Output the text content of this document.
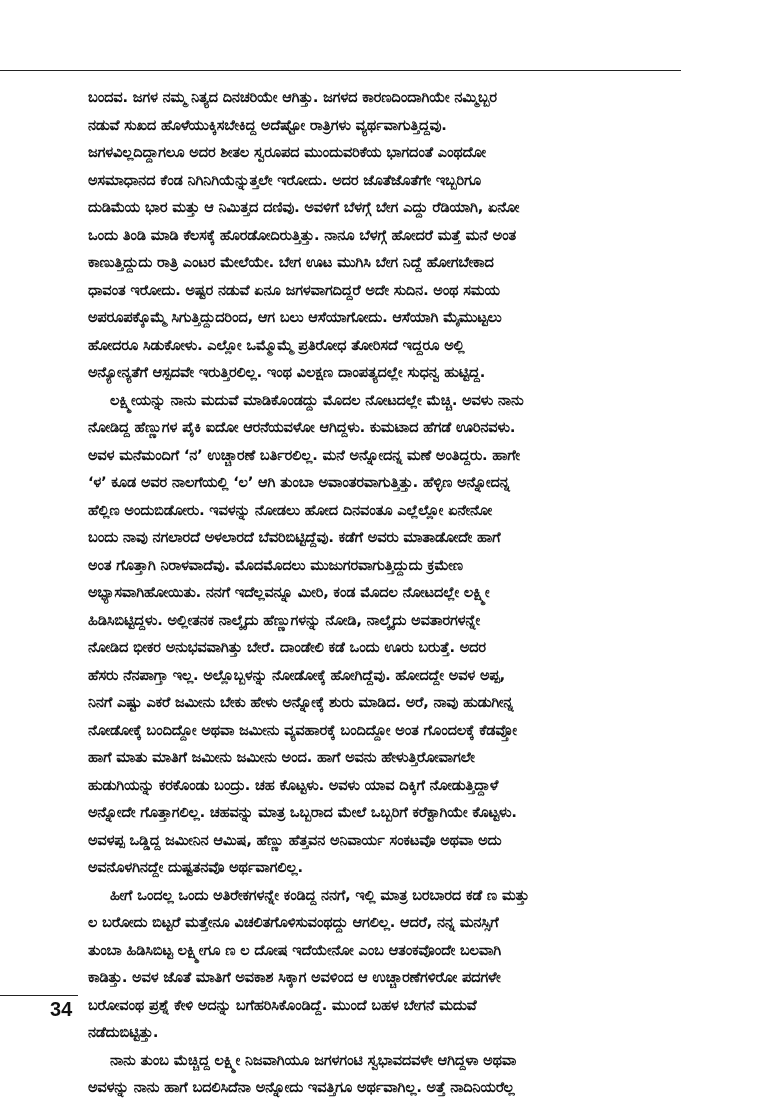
ಬಂದವ. ಜಗಳ ನಮ್ಮ ನಿತ್ಯದ ದಿನಚರಿಯೇ ಆಗಿತ್ತು. ಜಗಳದ ಕಾರಣದಿಂದಾಗಿಯೇ ನಮ್ಮಿಬ್ಬರ
ನಡುವೆ ಸುಖದ ಹೊಳೆಯುಕ್ಕಿಸಬೇಕಿದ್ದ ಅದೆಷ್ಟೋ ರಾತ್ರಿಗಳು ವ್ಯರ್ಥವಾಗುತ್ತಿದ್ದವು.
ಜಗಳವಿಲ್ಲದಿದ್ದಾಗಲೂ ಅದರ ಶೀತಲ ಸ್ವರೂಪದ ಮುಂದುವರಿಕೆಯ ಭಾಗದಂತೆ ಎಂಥದೋ
ಅಸಮಾಧಾನದ ಕೆಂಡ ನಿಗಿನಿಗಿಯೆನ್ನುತ್ತಲೇ ಇರೋದು. ಅದರ ಜೊತೆಜೊತೆಗೇ ಇಬ್ಬರಿಗೂ
ದುಡಿಮೆಯ ಭಾರ ಮತ್ತು ಆ ನಿಮಿತ್ತದ ದಣಿವು. ಅವಳಿಗೆ ಬೆಳಗ್ಗೆ ಬೇಗ ಎದ್ದು ರೆಡಿಯಾಗಿ, ಏನೋ
ಒಂದು ತಿಂಡಿ ಮಾಡಿ ಕೆಲಸಕ್ಕೆ ಹೊರಡೋದಿರುತ್ತಿತ್ತು. ನಾನೂ ಬೆಳಗ್ಗೆ ಹೋದರೆ ಮತ್ತೆ ಮನೆ ಅಂತ
ಕಾಣುತ್ತಿದ್ದುದು ರಾತ್ರಿ ಎಂಟರ ಮೇಲೆಯೇ. ಬೇಗ ಊಟ ಮುಗಿಸಿ ಬೇಗ ನಿದ್ದೆ ಹೋಗಬೇಕಾದ
ಧಾವಂತ ಇರೋದು. ಅಷ್ಟರ ನಡುವೆ ಏನೂ ಜಗಳವಾಗದಿದ್ದರೆ ಅದೇ ಸುದಿನ. ಅಂಥ ಸಮಯ
ಅಪರೂಪಕ್ಕೊಮ್ಮೆ ಸಿಗುತ್ತಿದ್ದುದರಿಂದ, ಆಗ ಬಲು ಆಸೆಯಾಗೋದು. ಆಸೆಯಾಗಿ ಮೈಮುಟ್ಟಲು
ಹೋದರೂ ಸಿಡುಕೋಳು. ಎಲ್ಲೋ ಒಮ್ಮೊಮ್ಮೆ ಪ್ರತಿರೋಧ ತೋರಿಸದೆ ಇದ್ದರೂ ಅಲ್ಲಿ
ಅನ್ಯೋನ್ಯತೆಗೆ ಆಸ್ಪದವೇ ಇರುತ್ತಿರಲಿಲ್ಲ. ಇಂಥ ವಿಲಕ್ಷಣ ದಾಂಪತ್ಯದಲ್ಲೇ ಸುಧನ್ವ ಹುಟ್ಟಿದ್ದ.
ಲಕ್ಷ್ಮೀಯನ್ನು ನಾನು ಮದುವೆ ಮಾಡಿಕೊಂಡದ್ದು ಮೊದಲ ನೋಟದಲ್ಲೇ ಮೆಚ್ಚಿ. ಅವಳು ನಾನು
ನೋಡಿದ್ದ ಹೆಣ್ಣುಗಳ ಪೈಕಿ ಐದೋ ಆರನೆಯವಳೋ ಆಗಿದ್ದಳು. ಕುಮಟಾದ ಹೆಗಡೆ ಊರಿನವಳು.
ಅವಳ ಮನೆಮಂದಿಗೆ ‘ನ’ ಉಚ್ಚಾರಣೆ ಬರ್ತಿರಲಿಲ್ಲ. ಮನೆ ಅನ್ನೋದನ್ನ ಮಣೆ ಅಂತಿದ್ದರು. ಹಾಗೇ
‘ಳ’ ಕೂಡ ಅವರ ನಾಲಗೆಯಲ್ಲಿ ‘ಲ’ ಆಗಿ ತುಂಬಾ ಅವಾಂತರವಾಗುತ್ತಿತ್ತು. ಹೆಳ್ಳಿಣ ಅನ್ನೋದನ್ನ
ಹೆಲ್ಲಿಣ ಅಂದುಬಿಡೋರು. ಇವಳನ್ನು ನೋಡಲು ಹೋದ ದಿನವಂತೂ ಎಲ್ಲೆಲ್ಲೋ ಏನೇನೋ
ಬಂದು ನಾವು ನಗಲಾರದೆ ಅಳಲಾರದೆ ಬೆವರಿಬಿಟ್ಟಿದ್ದೆವು. ಕಡೆಗೆ ಅವರು ಮಾತಾಡೋದೇ ಹಾಗೆ
ಅಂತ ಗೊತ್ತಾಗಿ ನಿರಾಳವಾದೆವು. ಮೊದಮೊದಲು ಮುಜುಗರವಾಗುತ್ತಿದ್ದುದು ಕ್ರಮೇಣ
ಅಭ್ಯಾಸವಾಗಿಹೋಯಿತು. ನನಗೆ ಇದೆಲ್ಲವನ್ನೂ ಮೀರಿ, ಕಂಡ ಮೊದಲ ನೋಟದಲ್ಲೇ ಲಕ್ಷ್ಮೀ
ಹಿಡಿಸಿಬಿಟ್ಟಿದ್ದಳು. ಅಲ್ಲೀತನಕ ನಾಲ್ಕೈದು ಹೆಣ್ಣುಗಳನ್ನು ನೋಡಿ, ನಾಲ್ಕೈದು ಅವತಾರಗಳನ್ನೇ
ನೋಡಿದ ಭೀಕರ ಅನುಭವವಾಗಿತ್ತು ಬೇರೆ. ದಾಂಡೇಲಿ ಕಡೆ ಒಂದು ಊರು ಬರುತ್ತೆ. ಅದರ
ಹೆಸರು ನೆನಪಾಗ್ತಾ ಇಲ್ಲ. ಅಲ್ಲೊಬ್ಬಳನ್ನು ನೋಡೋಕ್ಕೆ ಹೋಗಿದ್ದೆವು. ಹೋದದ್ದೇ ಅವಳ ಅಪ್ಪ,
ನಿನಗೆ ಎಷ್ಟು ಎಕರೆ ಜಮೀನು ಬೇಕು ಹೇಳು ಅನ್ನೋಕ್ಕೆ ಶುರು ಮಾಡಿದ. ಅರೆ, ನಾವು ಹುಡುಗೀನ್ನ
ನೋಡೋಕ್ಕೆ ಬಂದಿದ್ದೋ ಅಥವಾ ಜಮೀನು ವ್ಯವಹಾರಕ್ಕೆ ಬಂದಿದ್ದೋ ಅಂತ ಗೊಂದಲಕ್ಕೆ ಕೆಡವ್ತೋ
ಹಾಗೆ ಮಾತು ಮಾತಿಗೆ ಜಮೀನು ಜಮೀನು ಅಂದ. ಹಾಗೆ ಅವನು ಹೇಳುತ್ತಿರೋವಾಗಲೇ
ಹುಡುಗಿಯನ್ನು ಕರಕೊಂಡು ಬಂದ್ರು. ಚಹ ಕೊಟ್ಟಳು. ಅವಳು ಯಾವ ದಿಕ್ಕಿಗೆ ನೋಡುತ್ತಿದ್ದಾಳೆ
ಅನ್ನೋದೇ ಗೊತ್ತಾಗಲಿಲ್ಲ. ಚಹವನ್ನು ಮಾತ್ರ ಒಬ್ಬರಾದ ಮೇಲೆ ಒಬ್ಬರಿಗೆ ಕರೆಕ್ಟಾಗಿಯೇ ಕೊಟ್ಟಳು.
ಅವಳಪ್ಪ ಒಡ್ಡಿದ್ದ ಜಮೀನಿನ ಆಮಿಷ, ಹೆಣ್ಣು ಹೆತ್ತವನ ಅನಿವಾರ್ಯ ಸಂಕಟವೊ ಅಥವಾ ಅದು
ಅವನೊಳಗಿನದ್ದೇ ದುಷ್ಟತನವೊ ಅರ್ಥವಾಗಲಿಲ್ಲ.
ಹೀಗೆ ಒಂದಲ್ಲ ಒಂದು ಅತಿರೇಕಗಳನ್ನೇ ಕಂಡಿದ್ದ ನನಗೆ, ಇಲ್ಲಿ ಮಾತ್ರ ಬರಬಾರದ ಕಡೆ ಣ ಮತ್ತು
ಲ ಬರೋದು ಬಿಟ್ಟರೆ ಮತ್ತೇನೂ ವಿಚಲಿತಗೊಳಿಸುವಂಥದ್ದು ಆಗಲಿಲ್ಲ. ಆದರೆ, ನನ್ನ ಮನಸ್ಸಿಗೆ
ತುಂಬಾ ಹಿಡಿಸಿಬಿಟ್ಟ ಲಕ್ಷ್ಮೀಗೂ ಣ ಲ ದೋಷ ಇದೆಯೇನೋ ಎಂಬ ಆತಂಕವೊಂದೇ ಬಲವಾಗಿ
ಕಾಡಿತ್ತು. ಅವಳ ಜೊತೆ ಮಾತಿಗೆ ಅವಕಾಶ ಸಿಕ್ಕಾಗ ಅವಳಿಂದ ಆ ಉಚ್ಚಾರಣೆಗಳಿರೋ ಪದಗಳೇ
ಬರೋವಂಥ ಪ್ರಶ್ನೆ ಕೇಳಿ ಅದನ್ನು ಬಗೆಹರಿಸಿಕೊಂಡಿದ್ದೆ. ಮುಂದೆ ಬಹಳ ಬೇಗನೆ ಮದುವೆ
ನಡೆದುಬಿಟ್ಟಿತ್ತು.
ನಾನು ತುಂಬ ಮೆಚ್ಚಿದ್ದ ಲಕ್ಷ್ಮೀ ನಿಜವಾಗಿಯೂ ಜಗಳಗಂಟಿ ಸ್ವಭಾವದವಳೇ ಆಗಿದ್ದಳಾ ಅಥವಾ
ಅವಳನ್ನು ನಾನು ಹಾಗೆ ಬದಲಿಸಿದೆನಾ ಅನ್ನೋದು ಇವತ್ತಿಗೂ ಅರ್ಥವಾಗಿಲ್ಲ. ಅತ್ತೆ ನಾದಿನಿಯರೆಲ್ಲ
34
